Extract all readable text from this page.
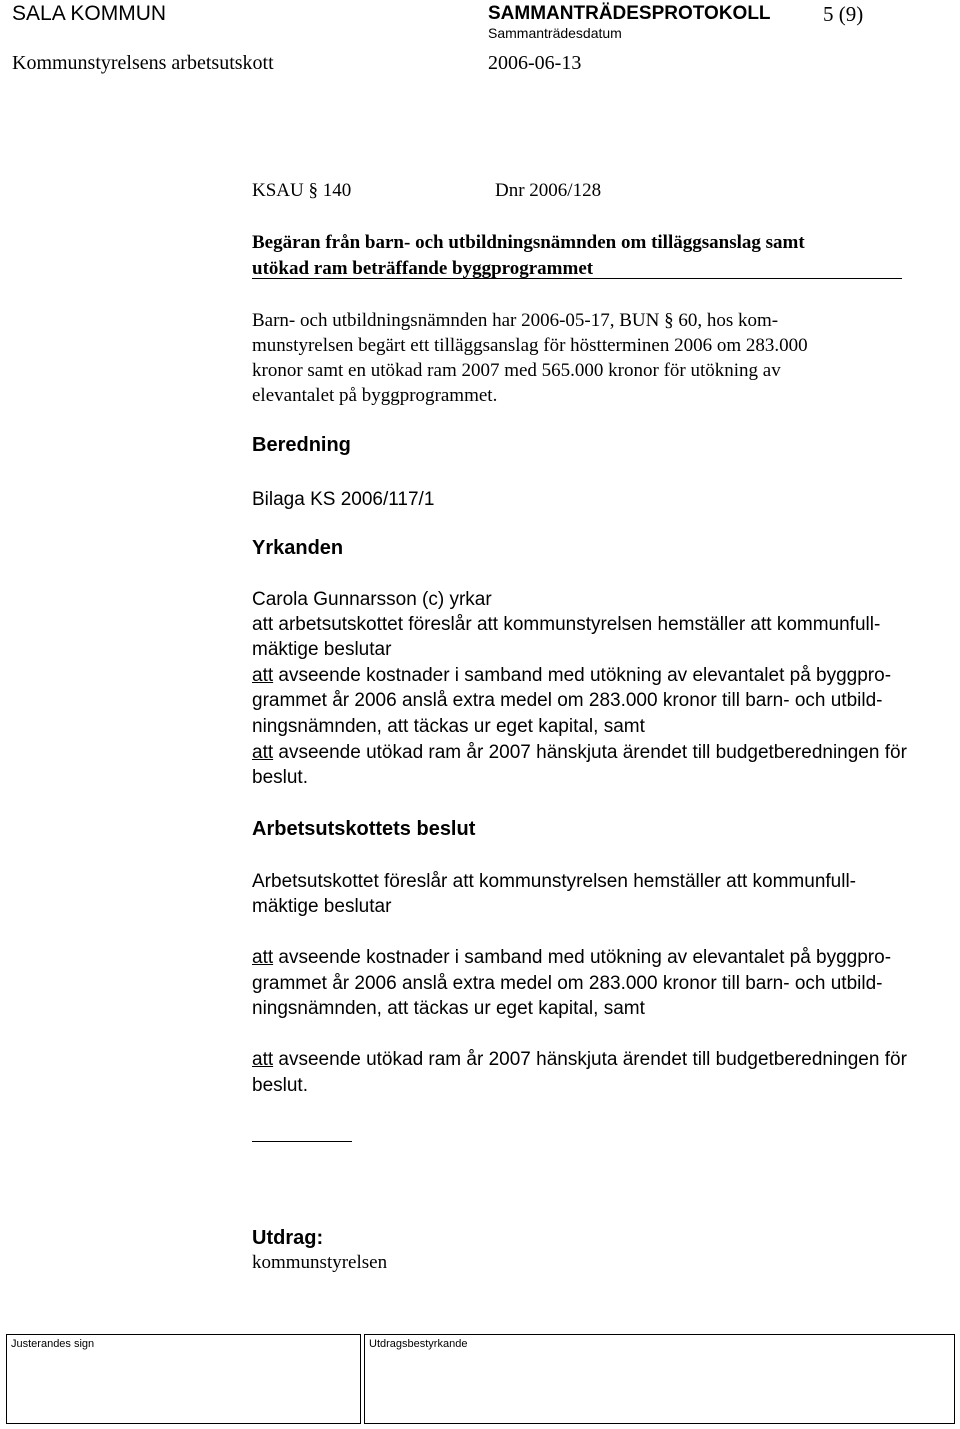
SALA KOMMUN	SAMMANTRÄDESPROTOKOLL 5 (9)
Sammanträdesdatum
Kommunstyrelsens arbetsutskott	2006-06-13
KSAU § 140	Dnr 2006/128
Begäran från barn- och utbildningsnämnden om tilläggsanslag samt
utökad ram beträffande byggprogrammet
Barn- och utbildningsnämnden har 2006-05-17, BUN § 60, hos kom-
munstyrelsen begärt ett tilläggsanslag för höstterminen 2006 om 283.000
kronor samt en utökad ram 2007 med 565.000 kronor för utökning av
elevantalet på byggprogrammet.
Beredning
Bilaga KS 2006/117/1
Yrkanden
Carola Gunnarsson (c) yrkar
att arbetsutskottet föreslår att kommunstyrelsen hemställer att kommunfull-
mäktige beslutar
att avseende kostnader i samband med utökning av elevantalet på byggpro-
grammet år 2006 anslå extra medel om 283.000 kronor till barn- och utbild-
ningsnämnden, att täckas ur eget kapital, samt
att avseende utökad ram år 2007 hänskjuta ärendet till budgetberedningen för
beslut.
Arbetsutskottets beslut
Arbetsutskottet föreslår att kommunstyrelsen hemställer att kommunfull-
mäktige beslutar
att avseende kostnader i samband med utökning av elevantalet på byggpro-
grammet år 2006 anslå extra medel om 283.000 kronor till barn- och utbild-
ningsnämnden, att täckas ur eget kapital, samt
att avseende utökad ram år 2007 hänskjuta ärendet till budgetberedningen för
beslut.
Utdrag:
kommunstyrelsen
Justerandes sign	Utdragsbestyrkande
